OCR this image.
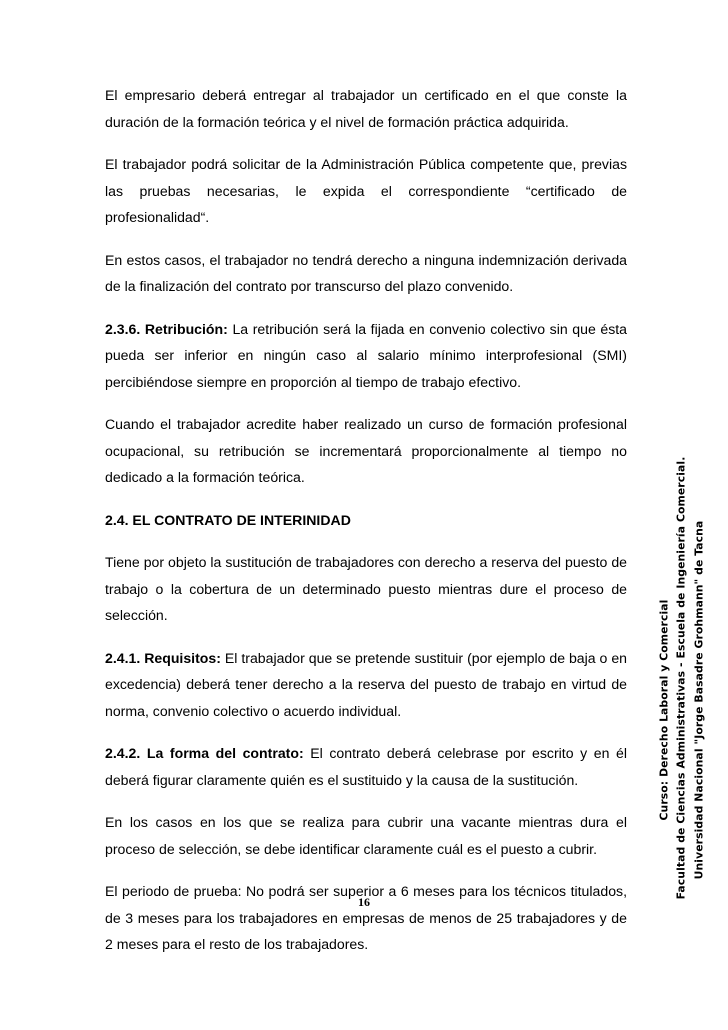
El empresario deberá entregar al trabajador un certificado en el que conste la duración de la formación teórica y el nivel de formación práctica adquirida.

El trabajador podrá solicitar de la Administración Pública competente que, previas las pruebas necesarias, le expida el correspondiente “certificado de profesionalidad“.

En estos casos, el trabajador no tendrá derecho a ninguna indemnización derivada de la finalización del contrato por transcurso del plazo convenido.

2.3.6. Retribución: La retribución será la fijada en convenio colectivo sin que ésta pueda ser inferior en ningún caso al salario mínimo interprofesional (SMI) percibiéndose siempre en proporción al tiempo de trabajo efectivo.

Cuando el trabajador acredite haber realizado un curso de formación profesional ocupacional, su retribución se incrementará proporcionalmente al tiempo no dedicado a la formación teórica.

2.4. EL CONTRATO DE INTERINIDAD

Tiene por objeto la sustitución de trabajadores con derecho a reserva del puesto de trabajo o la cobertura de un determinado puesto mientras dure el proceso de selección.

2.4.1. Requisitos: El trabajador que se pretende sustituir (por ejemplo de baja o en excedencia) deberá tener derecho a la reserva del puesto de trabajo en virtud de norma, convenio colectivo o acuerdo individual.

2.4.2. La forma del contrato: El contrato deberá celebrase por escrito y en él deberá figurar claramente quién es el sustituido y la causa de la sustitución.

En los casos en los que se realiza para cubrir una vacante mientras dura el proceso de selección, se debe identificar claramente cuál es el puesto a cubrir.

El periodo de prueba: No podrá ser superior a 6 meses para los técnicos titulados, de 3 meses para los trabajadores en empresas de menos de 25 trabajadores y de 2 meses para el resto de los trabajadores.

Curso: Derecho Laboral y Comercial Facultad de Ciencias Administrativas - Escuela de Ingeniería Comercial. Universidad Nacional "Jorge Basadre Grohmann" de Tacna
16
